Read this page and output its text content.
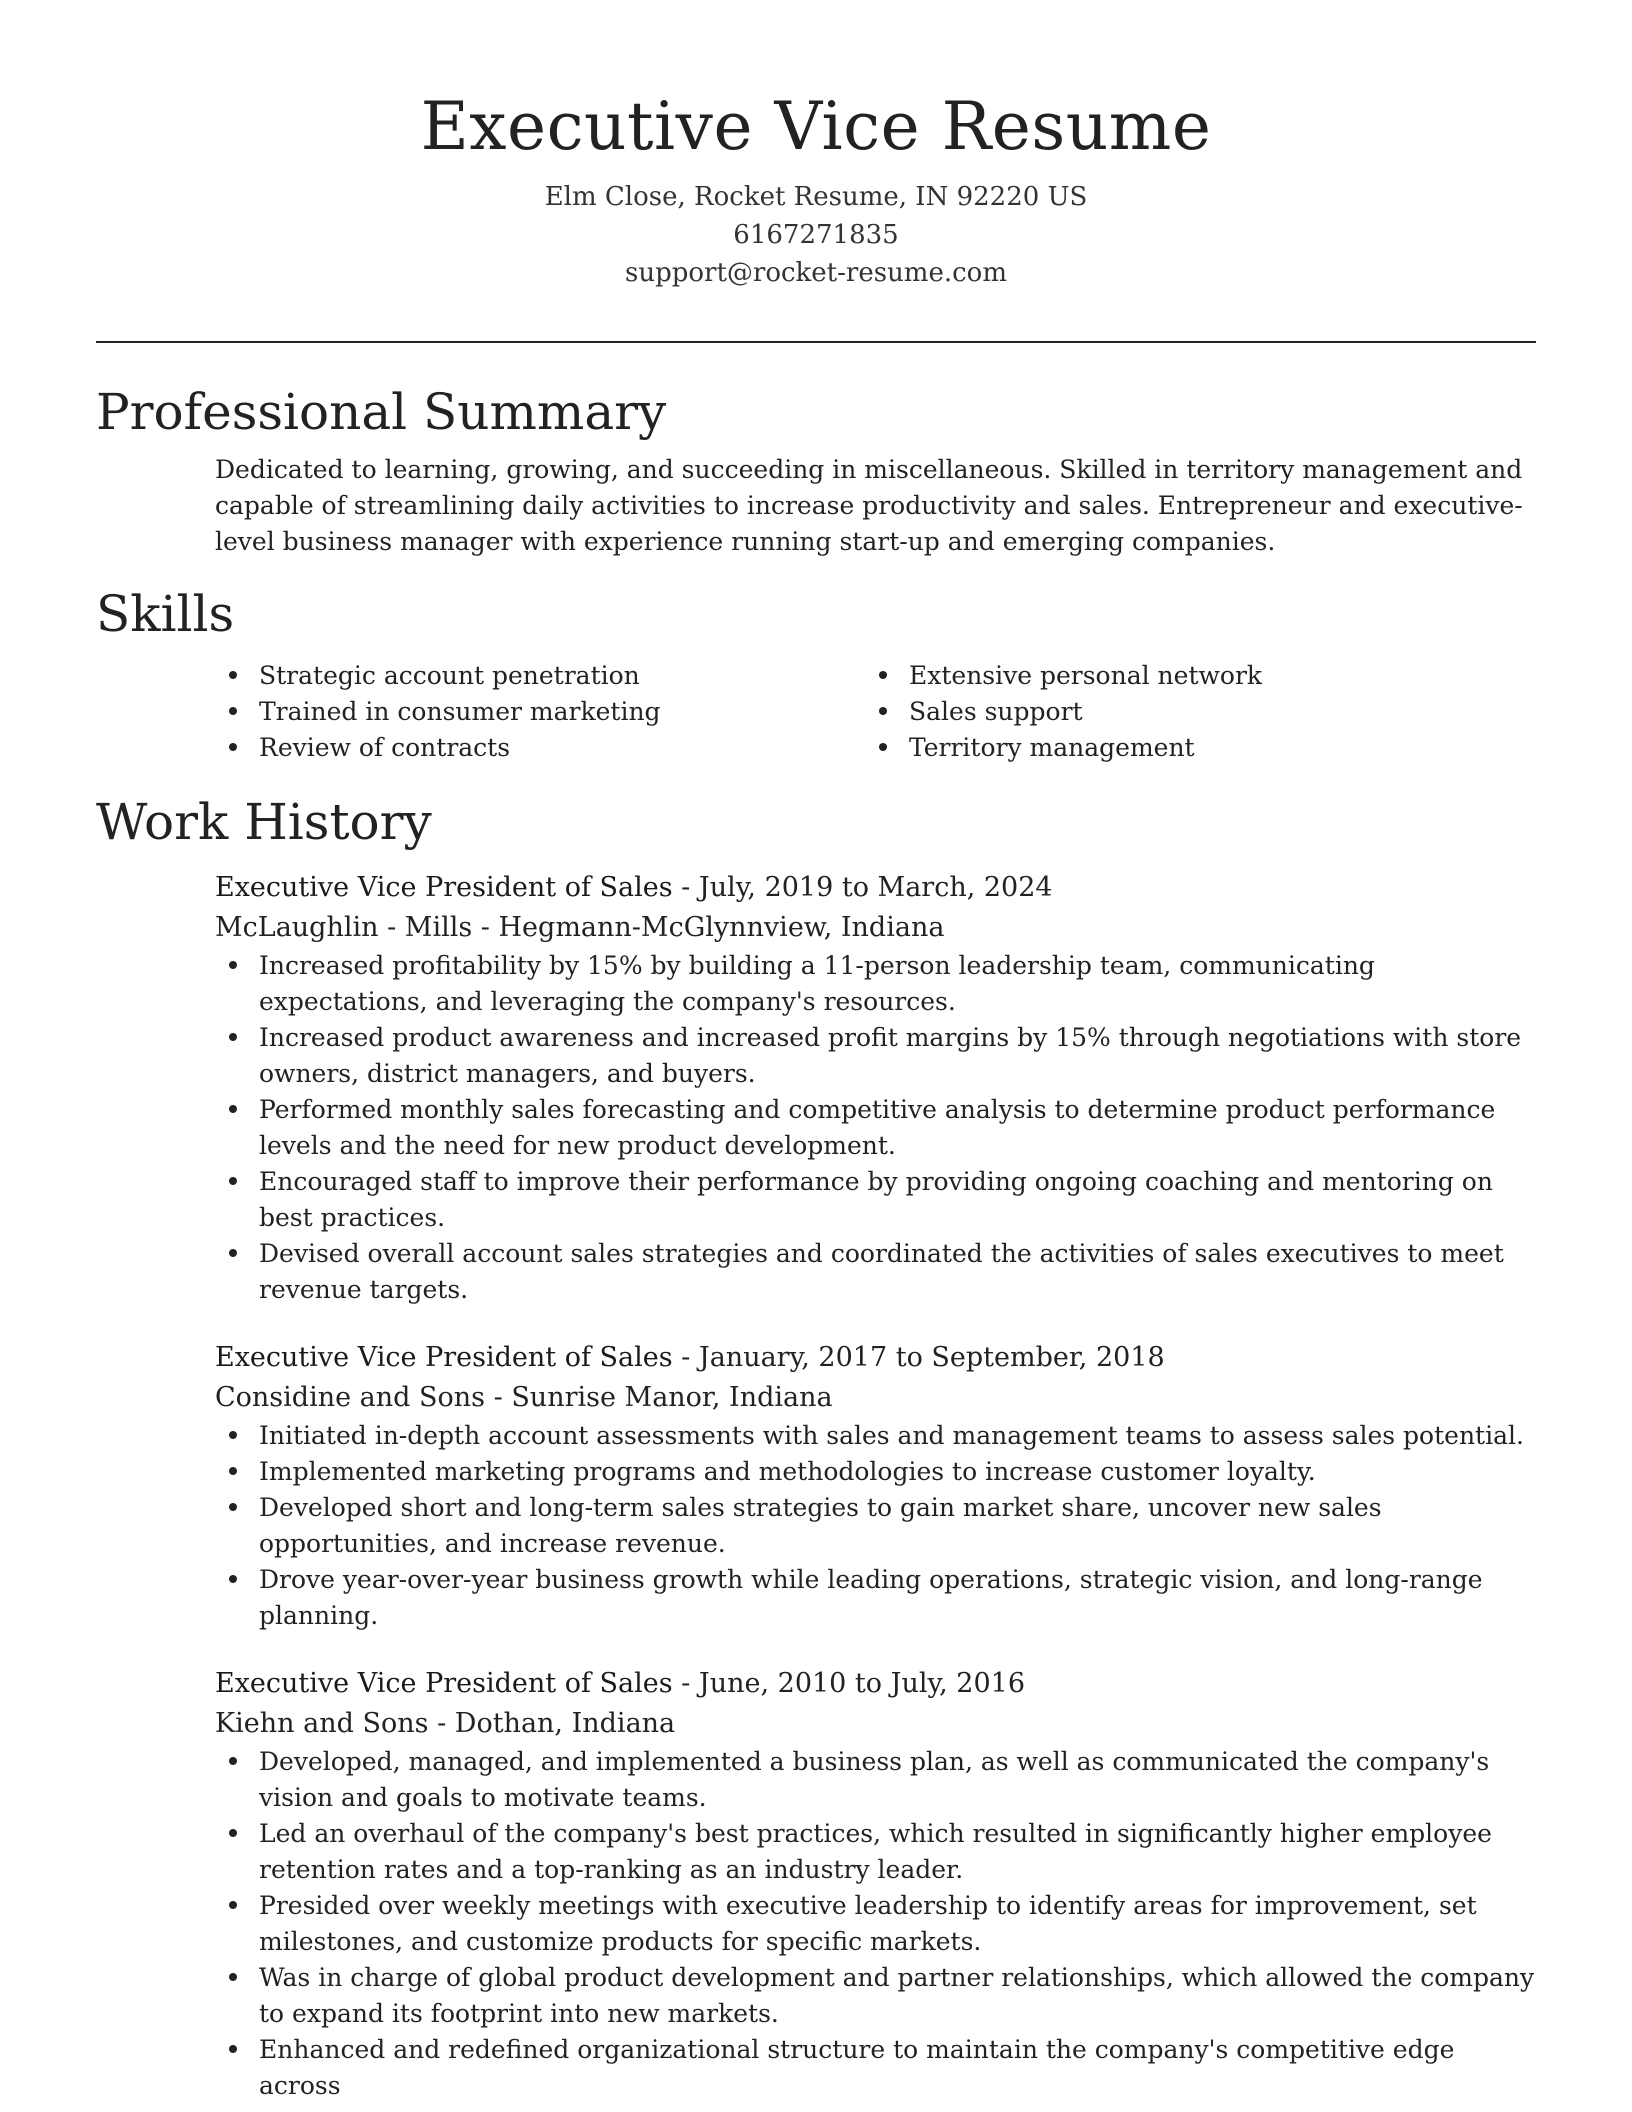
Executive Vice Resume
Elm Close, Rocket Resume, IN 92220 US
6167271835
support@rocket-resume.com
Professional Summary

Dedicated to learning, growing, and succeeding in miscellaneous. Skilled in territory management and capable of streamlining daily activities to increase productivity and sales. Entrepreneur and executive-level business manager with experience running start-up and emerging companies.

Skills
Strategic account penetration
Trained in consumer marketing
Review of contracts
Extensive personal network
Sales support
Territory management
Work History
Executive Vice President of Sales - July, 2019 to March, 2024
McLaughlin - Mills - Hegmann-McGlynnview, Indiana
Increased profitability by 15% by building a 11-person leadership team, communicating expectations, and leveraging the company's resources.
Increased product awareness and increased profit margins by 15% through negotiations with store owners, district managers, and buyers.
Performed monthly sales forecasting and competitive analysis to determine product performance levels and the need for new product development.
Encouraged staff to improve their performance by providing ongoing coaching and mentoring on best practices.
Devised overall account sales strategies and coordinated the activities of sales executives to meet revenue targets.
Executive Vice President of Sales - January, 2017 to September, 2018
Considine and Sons - Sunrise Manor, Indiana
Initiated in-depth account assessments with sales and management teams to assess sales potential.
Implemented marketing programs and methodologies to increase customer loyalty.
Developed short and long-term sales strategies to gain market share, uncover new sales opportunities, and increase revenue.
Drove year-over-year business growth while leading operations, strategic vision, and long-range planning.
Executive Vice President of Sales - June, 2010 to July, 2016
Kiehn and Sons - Dothan, Indiana
Developed, managed, and implemented a business plan, as well as communicated the company's vision and goals to motivate teams.
Led an overhaul of the company's best practices, which resulted in significantly higher employee retention rates and a top-ranking as an industry leader.
Presided over weekly meetings with executive leadership to identify areas for improvement, set milestones, and customize products for specific markets.
Was in charge of global product development and partner relationships, which allowed the company to expand its footprint into new markets.
Enhanced and redefined organizational structure to maintain the company's competitive edge across
